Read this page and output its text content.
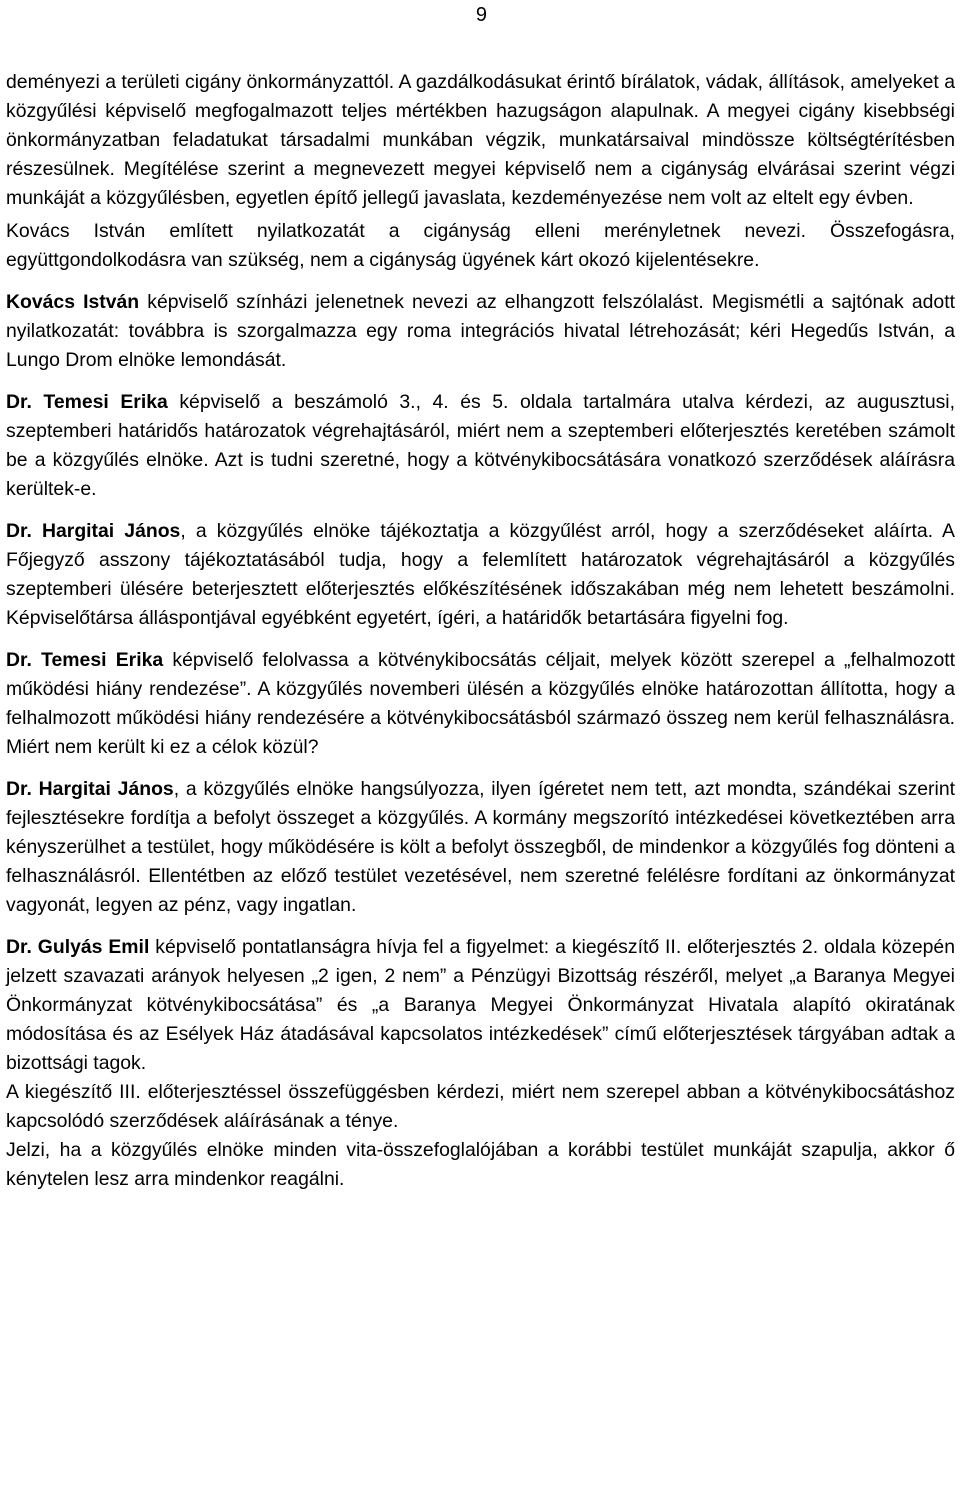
9

deményezi a területi cigány önkormányzattól. A gazdálkodásukat érintő bírálatok, vádak, állítások, amelyeket a közgyűlési képviselő megfogalmazott teljes mértékben hazugságon alapulnak. A megyei cigány kisebbségi önkormányzatban feladatukat társadalmi munkában végzik, munkatársaival mindössze költségtérítésben részesülnek. Megítélése szerint a megnevezett megyei képviselő nem a cigányság elvárásai szerint végzi munkáját a közgyűlésben, egyetlen építő jellegű javaslata, kezdeményezése nem volt az eltelt egy évben.

Kovács István említett nyilatkozatát a cigányság elleni merényletnek nevezi. Összefogásra, együttgondolkodásra van szükség, nem a cigányság ügyének kárt okozó kijelentésekre.

Kovács István képviselő színházi jelenetnek nevezi az elhangzott felszólalást. Megismétli a sajtónak adott nyilatkozatát: továbbra is szorgalmazza egy roma integrációs hivatal létrehozását; kéri Hegedűs István, a Lungo Drom elnöke lemondását.

Dr. Temesi Erika képviselő a beszámoló 3., 4. és 5. oldala tartalmára utalva kérdezi, az augusztusi, szeptemberi határidős határozatok végrehajtásáról, miért nem a szeptemberi előterjesztés keretében számolt be a közgyűlés elnöke. Azt is tudni szeretné, hogy a kötvénykibocsátására vonatkozó szerződések aláírásra kerültek-e.

Dr. Hargitai János, a közgyűlés elnöke tájékoztatja a közgyűlést arról, hogy a szerződéseket aláírta. A Főjegyző asszony tájékoztatásából tudja, hogy a felemlített határozatok végrehajtásáról a közgyűlés szeptemberi ülésére beterjesztett előterjesztés előkészítésének időszakában még nem lehetett beszámolni. Képviselőtársa álláspontjával egyébként egyetért, ígéri, a határidők betartására figyelni fog.

Dr. Temesi Erika képviselő felolvassa a kötvénykibocsátás céljait, melyek között szerepel a „felhalmozott működési hiány rendezése”. A közgyűlés novemberi ülésén a közgyűlés elnöke határozottan állította, hogy a felhalmozott működési hiány rendezésére a kötvénykibocsátásból származó összeg nem kerül felhasználásra. Miért nem került ki ez a célok közül?

Dr. Hargitai János, a közgyűlés elnöke hangsúlyozza, ilyen ígéretet nem tett, azt mondta, szándékai szerint fejlesztésekre fordítja a befolyt összeget a közgyűlés. A kormány megszorító intézkedései következtében arra kényszerülhet a testület, hogy működésére is költ a befolyt összegből, de mindenkor a közgyűlés fog dönteni a felhasználásról. Ellentétben az előző testület vezetésével, nem szeretné felélésre fordítani az önkormányzat vagyonát, legyen az pénz, vagy ingatlan.

Dr. Gulyás Emil képviselő pontatlanságra hívja fel a figyelmet: a kiegészítő II. előterjesztés 2. oldala közepén jelzett szavazati arányok helyesen „2 igen, 2 nem” a Pénzügyi Bizottság részéről, melyet „a Baranya Megyei Önkormányzat kötvénykibocsátása” és „a Baranya Megyei Önkormányzat Hivatala alapító okiratának módosítása és az Esélyek Ház átadásával kapcsolatos intézkedések” című előterjesztések tárgyában adtak a bizottsági tagok.

A kiegészítő III. előterjesztéssel összefüggésben kérdezi, miért nem szerepel abban a kötvénykibocsátáshoz kapcsolódó szerződések aláírásának a ténye.

Jelzi, ha a közgyűlés elnöke minden vita-összefoglalójában a korábbi testület munkáját szapulja, akkor ő kénytelen lesz arra mindenkor reagálni.
